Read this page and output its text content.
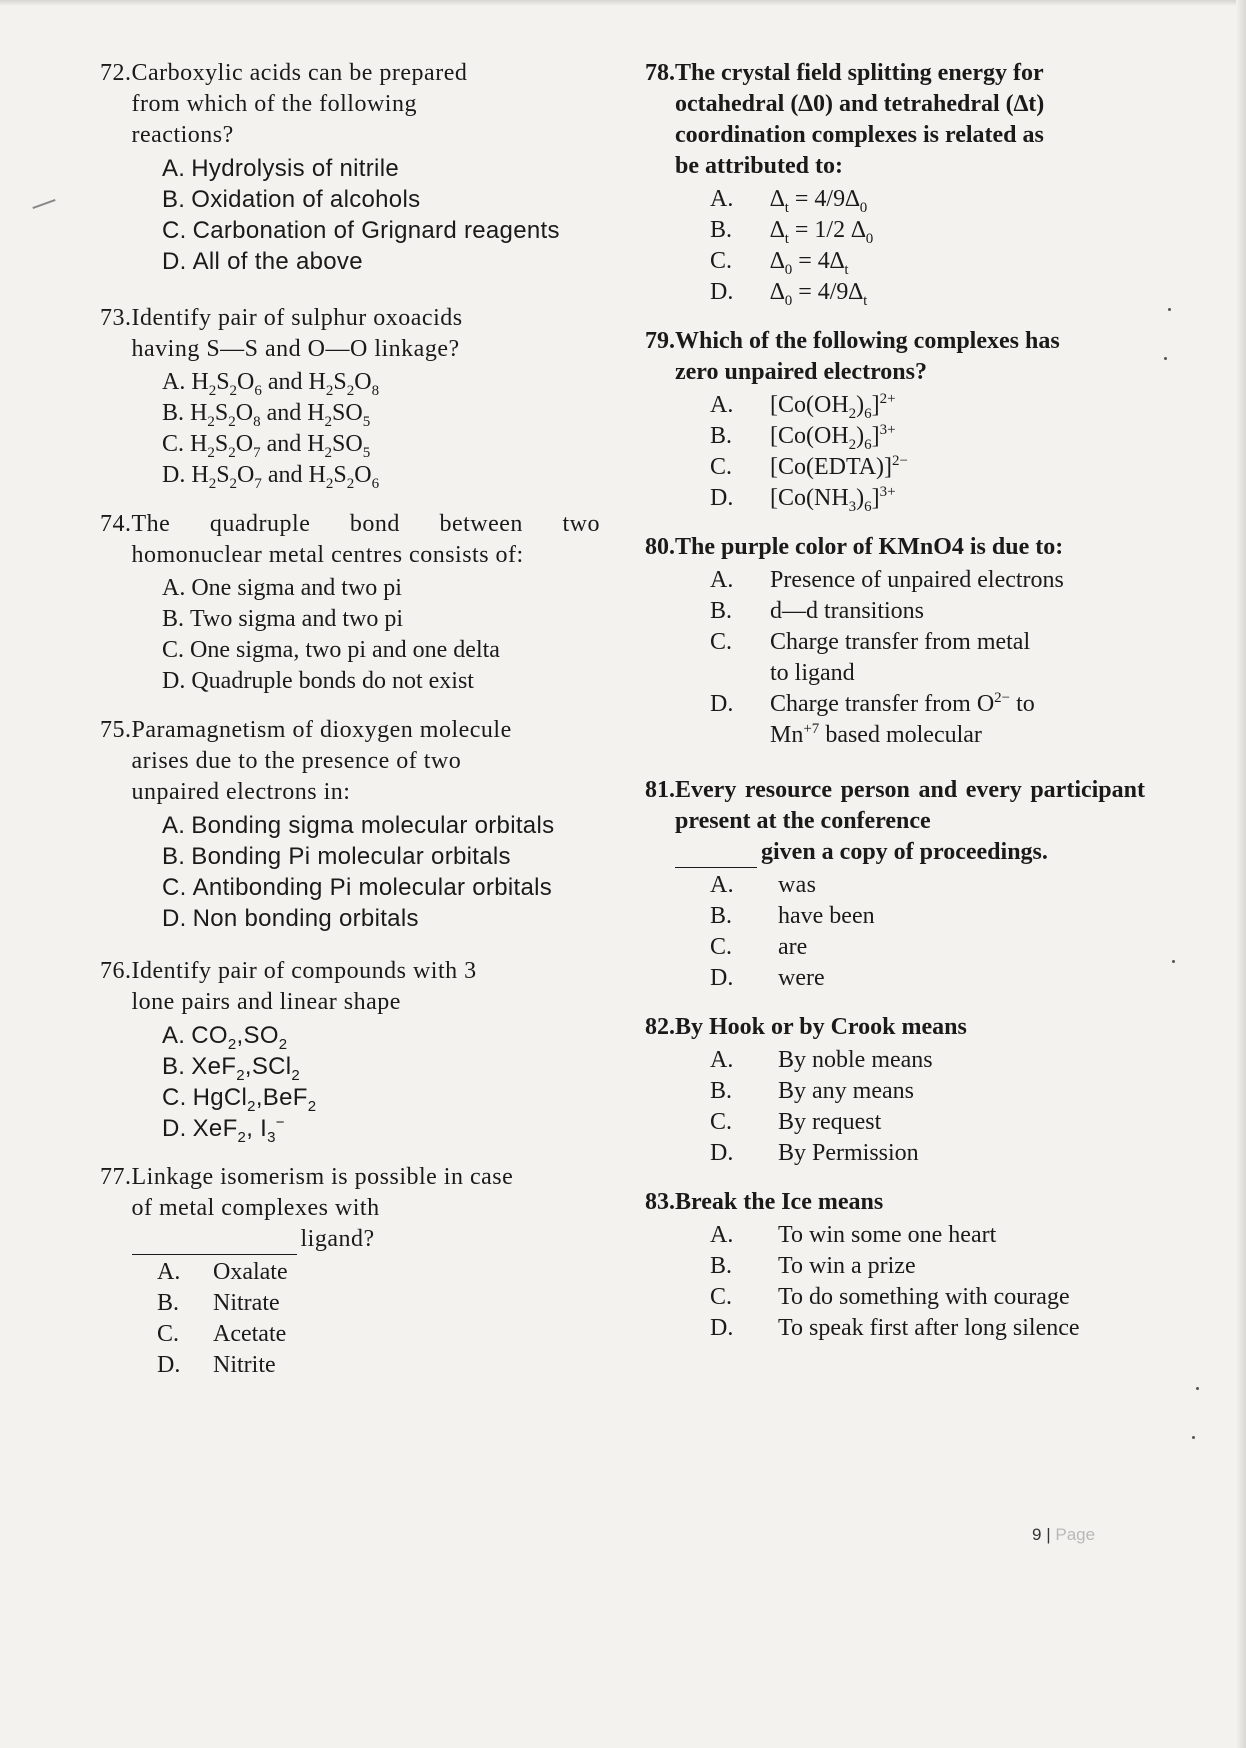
72. Carboxylic acids can be prepared
from which of the following
reactions?
A. Hydrolysis of nitrile
B. Oxidation of alcohols
C. Carbonation of Grignard reagents
D. All of the above
73. Identify pair of sulphur oxoacids
having S—S and O—O linkage?
A. $H_2S_2O_6$ and $H_2S_2O_8$
B. $H_2S_2O_8$ and $H_2SO_5$
C. $H_2S_2O_7$ and $H_2SO_5$
D. $H_2S_2O_7$ and $H_2S_2O_6$
74. The quadruple bond between two homonuclear metal centres consists of:
A. One sigma and two pi
B. Two sigma and two pi
C. One sigma, two pi and one delta
D. Quadruple bonds do not exist
75. Paramagnetism of dioxygen molecule
arises due to the presence of two
unpaired electrons in:
A. Bonding sigma molecular orbitals
B. Bonding Pi molecular orbitals
C. Antibonding Pi molecular orbitals
D. Non bonding orbitals
76. Identify pair of compounds with 3
lone pairs and linear shape
A. $CO_2,SO_2$
B. XeF$_2$,SCl$_2$
C. HgCl$_2$,BeF$_2$
D. XeF$_2$, $I_3^-$
77. Linkage isomerism is possible in case
of metal complexes with
ligand?
A.	Oxalate
B.	Nitrate
C.	Acetate
D.	Nitrite
78. The crystal field splitting energy for
octahedral (∆0) and tetrahedral (∆t)
coordination complexes is related as
be attributed to:
A.	$\Delta_t = 4/9\Delta_0$
B.	$\Delta_t = 1/2$ $\Delta_0$
C.	$\Delta_0 = 4\Delta_t$
D.	$\Delta_0 = 4/9\Delta_t$
79. Which of the following complexes has
zero unpaired electrons?
A.	$[Co(OH_2)_6]^{2+}$
B.	$[Co(OH_2)_6]^{3+}$
C.	[Co(EDTA)]$^{2-}$
D.	$[Co(NH_3)_6]^{3+}$
80. The purple color of KMnO4 is due to:
A.	Presence of unpaired electrons
B.	d—d transitions
C.	Charge transfer from metal to ligand
D.	Charge transfer from $O^{2-}$ to $Mn^{+7}$ based molecular
81. Every resource person and every participant present at the conference
given a copy of proceedings.
A.	was
B.	have been
C.	are
D.	were
82. By Hook or by Crook means
A.	By noble means
B.	By any means
C.	By request
D.	By Permission
83. Break the Ice means
A.	To win some one heart
B.	To win a prize
C.	To do something with courage
D.	To speak first after long silence
9 | Page
